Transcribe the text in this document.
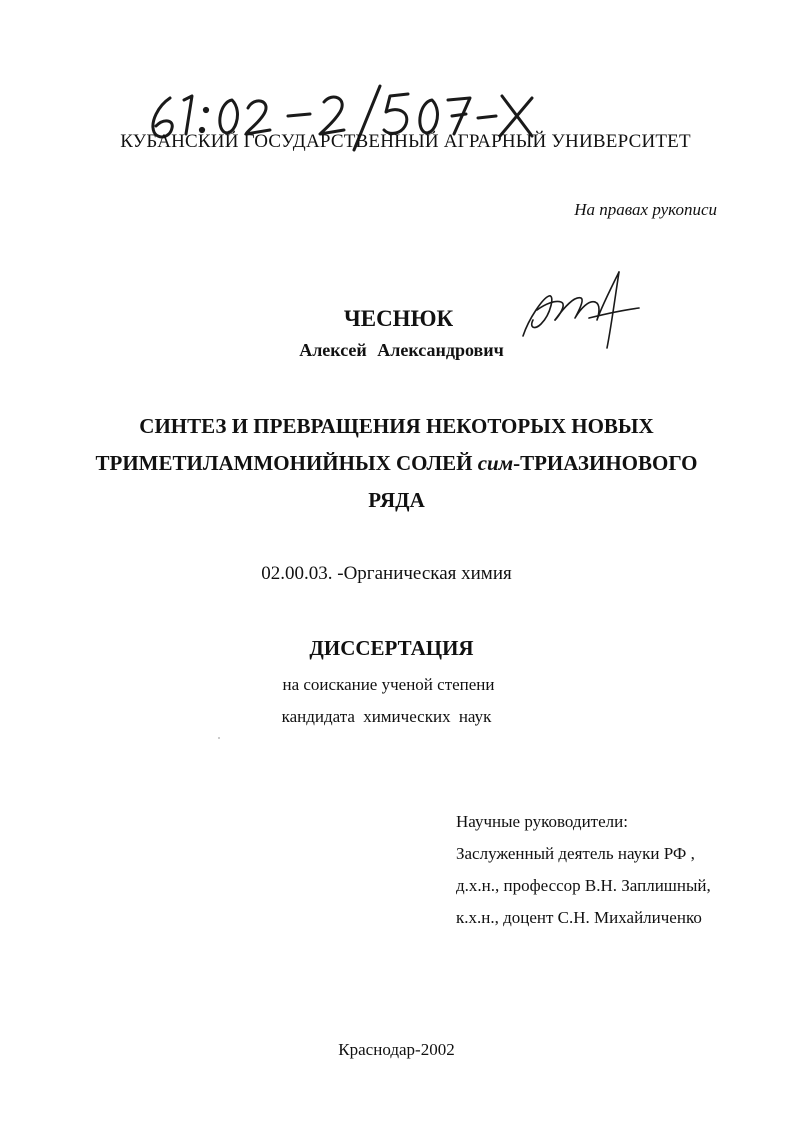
КУБАНСКИЙ ГОСУДАРСТВЕННЫЙ АГРАРНЫЙ УНИВЕРСИТЕТ
На правах рукописи
ЧЕСНЮК
Алексей Александрович
СИНТЕЗ И ПРЕВРАЩЕНИЯ НЕКОТОРЫХ НОВЫХ
ТРИМЕТИЛАММОНИЙНЫХ СОЛЕЙ сим-ТРИАЗИНОВОГО
РЯДА
02.00.03. -Органическая химия
ДИССЕРТАЦИЯ
на соискание ученой степени
кандидата химических наук
Научные руководители:
Заслуженный деятель науки РФ ,
д.х.н., профессор В.Н. Заплишный,
к.х.н., доцент С.Н. Михайличенко
Краснодар-2002
